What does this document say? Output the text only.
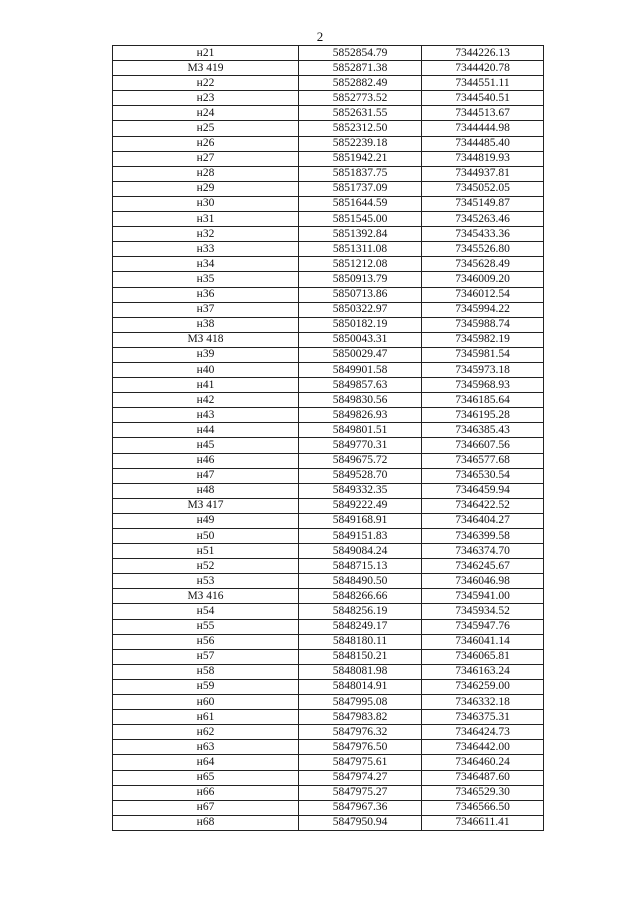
2
н21	5852854.79	7344226.13
МЗ 419	5852871.38	7344420.78
н22	5852882.49	7344551.11
н23	5852773.52	7344540.51
н24	5852631.55	7344513.67
н25	5852312.50	7344444.98
н26	5852239.18	7344485.40
н27	5851942.21	7344819.93
н28	5851837.75	7344937.81
н29	5851737.09	7345052.05
н30	5851644.59	7345149.87
н31	5851545.00	7345263.46
н32	5851392.84	7345433.36
н33	5851311.08	7345526.80
н34	5851212.08	7345628.49
н35	5850913.79	7346009.20
н36	5850713.86	7346012.54
н37	5850322.97	7345994.22
н38	5850182.19	7345988.74
МЗ 418	5850043.31	7345982.19
н39	5850029.47	7345981.54
н40	5849901.58	7345973.18
н41	5849857.63	7345968.93
н42	5849830.56	7346185.64
н43	5849826.93	7346195.28
н44	5849801.51	7346385.43
н45	5849770.31	7346607.56
н46	5849675.72	7346577.68
н47	5849528.70	7346530.54
н48	5849332.35	7346459.94
МЗ 417	5849222.49	7346422.52
н49	5849168.91	7346404.27
н50	5849151.83	7346399.58
н51	5849084.24	7346374.70
н52	5848715.13	7346245.67
н53	5848490.50	7346046.98
МЗ 416	5848266.66	7345941.00
н54	5848256.19	7345934.52
н55	5848249.17	7345947.76
н56	5848180.11	7346041.14
н57	5848150.21	7346065.81
н58	5848081.98	7346163.24
н59	5848014.91	7346259.00
н60	5847995.08	7346332.18
н61	5847983.82	7346375.31
н62	5847976.32	7346424.73
н63	5847976.50	7346442.00
н64	5847975.61	7346460.24
н65	5847974.27	7346487.60
н66	5847975.27	7346529.30
н67	5847967.36	7346566.50
н68	5847950.94	7346611.41
